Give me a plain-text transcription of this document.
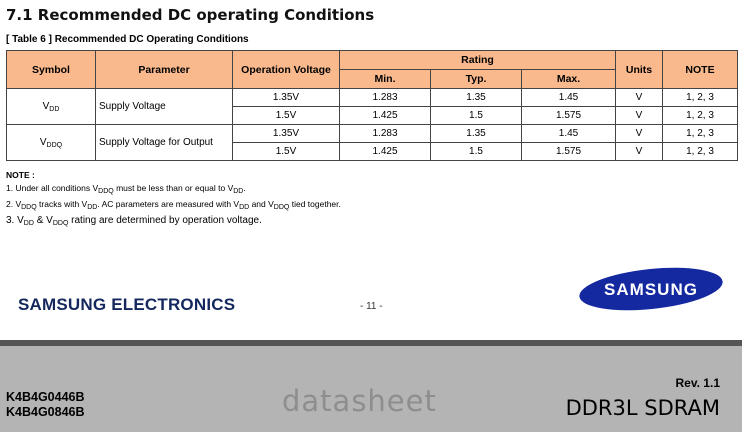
7.1 Recommended DC operating Conditions

[ Table 6 ] Recommended DC Operating Conditions

Symbol	Parameter	Operation Voltage	Rating			Units	NOTE
			Min.	Typ.	Max.		
$V_{DD}$	Supply Voltage	1.35V	1.283	1.35	1.45	V	1, 2, 3
		1.5V	1.425	1.5	1.575	V	1, 2, 3
$V_{DDQ}$	Supply Voltage for Output	1.35V	1.283	1.35	1.45	V	1, 2, 3
		1.5V	1.425	1.5	1.575	V	1, 2, 3
NOTE :
1. Under all conditions $V_{DDQ}$ must be less than or equal to $V_{DD}$.
2. $V_{DDQ}$ tracks with $V_{DD}$. AC parameters are measured with $V_{DD}$ and $V_{DDQ}$ tied together.
3. $V_{DD}$ & $V_{DDQ}$ rating are determined by operation voltage.
SAMSUNG ELECTRONICS	- 11 -
SAMSUNG
K4B4G0446B
K4B4G0846B	datasheet
Rev. 1.1
DDR3L SDRAM
